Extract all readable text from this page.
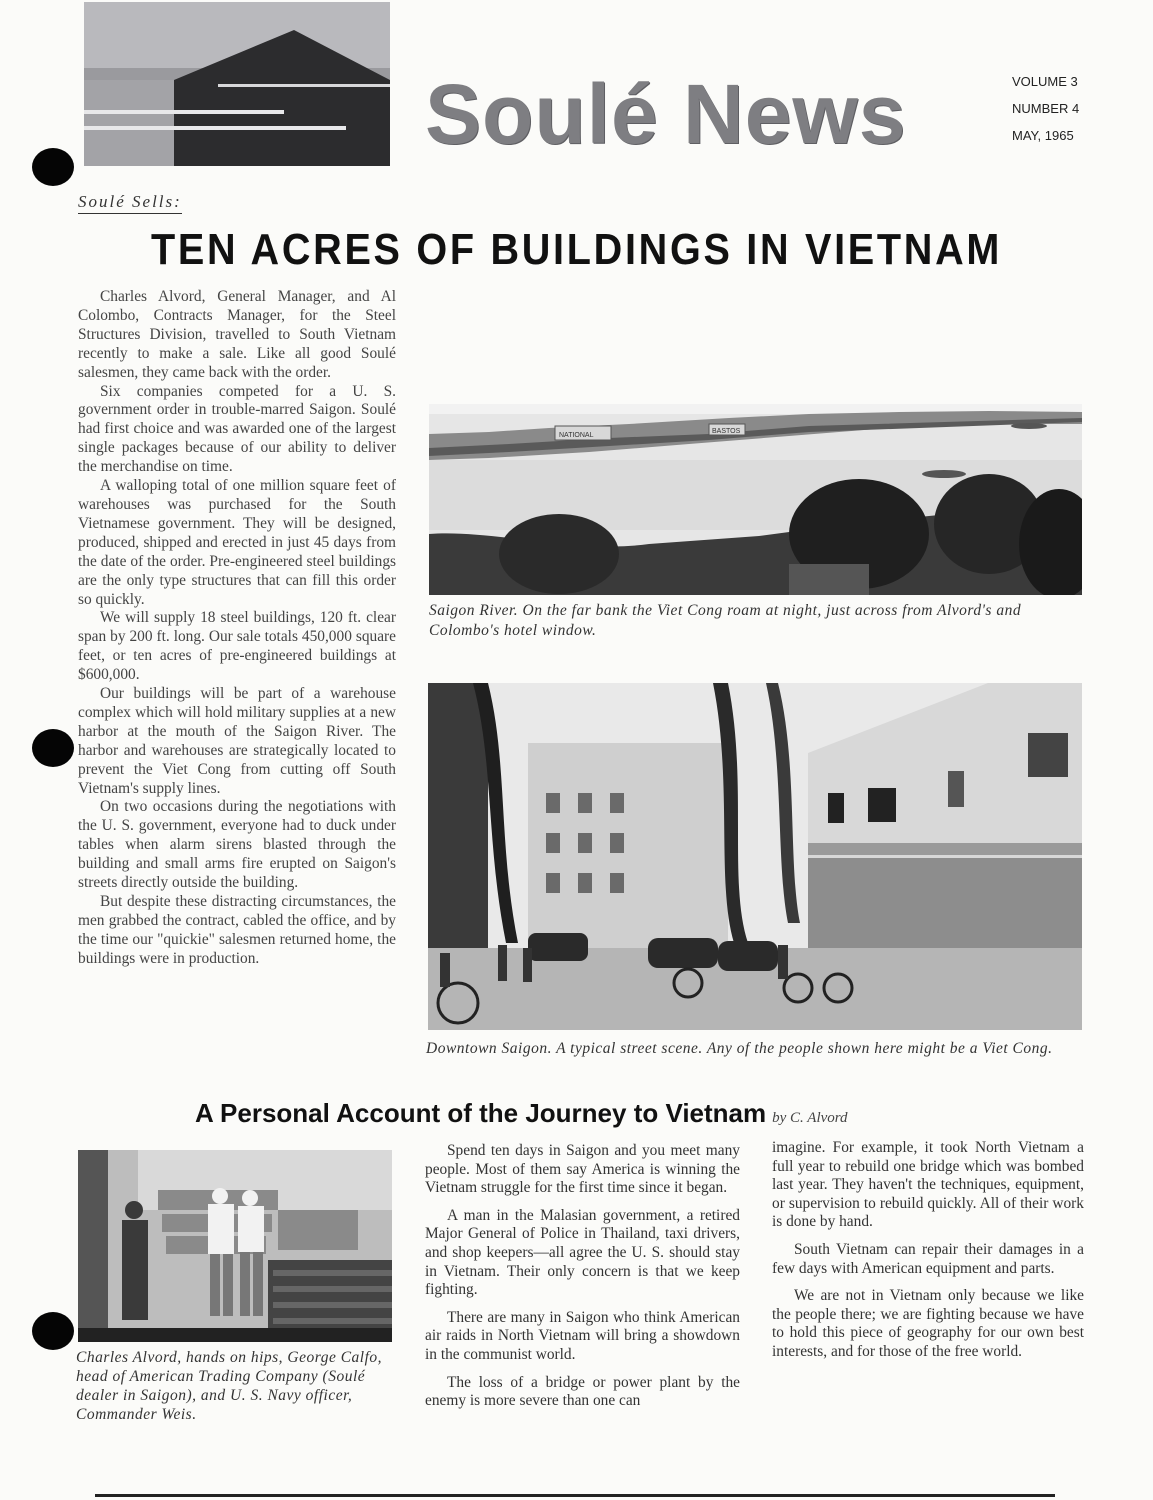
Soulé News	VOLUME 3
NUMBER 4
MAY, 1965
Soulé Sells:
TEN ACRES OF BUILDINGS IN VIETNAM

Charles Alvord, General Manager, and Al Colombo, Contracts Manager, for the Steel Structures Division, travelled to South Vietnam recently to make a sale. Like all good Soulé salesmen, they came back with the order.

Six companies competed for a U. S. government order in trouble-marred Saigon. Soulé had first choice and was awarded one of the largest single packages because of our ability to deliver the merchandise on time.

A walloping total of one million square feet of warehouses was purchased for the South Vietnamese government. They will be designed, produced, shipped and erected in just 45 days from the date of the order. Pre-engineered steel buildings are the only type structures that can fill this order so quickly.

We will supply 18 steel buildings, 120 ft. clear span by 200 ft. long. Our sale totals 450,000 square feet, or ten acres of pre-engineered buildings at $600,000.

Our buildings will be part of a warehouse complex which will hold military supplies at a new harbor at the mouth of the Saigon River. The harbor and warehouses are strategically located to prevent the Viet Cong from cutting off South Vietnam's supply lines.

On two occasions during the negotiations with the U. S. government, everyone had to duck under tables when alarm sirens blasted through the building and small arms fire erupted on Saigon's streets directly outside the building.

But despite these distracting circumstances, the men grabbed the contract, cabled the office, and by the time our "quickie" salesmen returned home, the buildings were in production.

NATIONAL
BASTOS
Saigon River. On the far bank the Viet Cong roam at night, just across from Alvord's and Colombo's hotel window.
Downtown Saigon. A typical street scene. Any of the people shown here might be a Viet Cong.
A Personal Account of the Journey to Vietnam by C. Alvord
Charles Alvord, hands on hips, George Calfo, head of American Trading Company (Soulé dealer in Saigon), and U. S. Navy officer, Commander Weis.

Spend ten days in Saigon and you meet many people. Most of them say America is winning the Vietnam struggle for the first time since it began.

A man in the Malasian government, a retired Major General of Police in Thailand, taxi drivers, and shop keepers—all agree the U. S. should stay in Vietnam. Their only concern is that we keep fighting.

There are many in Saigon who think American air raids in North Vietnam will bring a showdown in the communist world.

The loss of a bridge or power plant by the enemy is more severe than one can

imagine. For example, it took North Vietnam a full year to rebuild one bridge which was bombed last year. They haven't the techniques, equipment, or supervision to rebuild quickly. All of their work is done by hand.

South Vietnam can repair their damages in a few days with American equipment and parts.

We are not in Vietnam only because we like the people there; we are fighting because we have to hold this piece of geography for our own best interests, and for those of the free world.
